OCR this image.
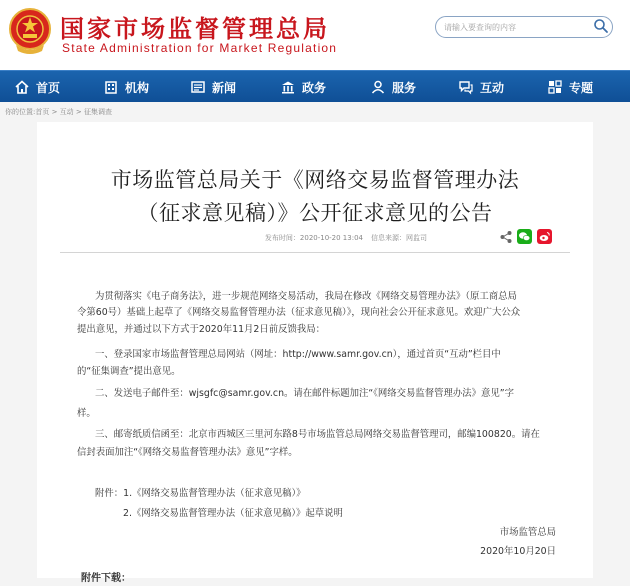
国家市场监督管理总局
State Administration for Market Regulation
请输入要查询的内容
首页	机构	新闻	政务	服务	互动	专题
你的位置:首页 > 互动 > 征集调查
市场监管总局关于《网络交易监督管理办法
（征求意见稿）》公开征求意见的公告
发布时间：2020-10-20 13:04 信息来源：网监司
为贯彻落实《电子商务法》，进一步规范网络交易活动，我局在修改《网络交易管理办法》（原工商总局
令第60号）基础上起草了《网络交易监督管理办法（征求意见稿）》，现向社会公开征求意见。欢迎广大公众
提出意见，并通过以下方式于2020年11月2日前反馈我局：
一、登录国家市场监督管理总局网站（网址：http://www.samr.gov.cn），通过首页“互动”栏目中
的“征集调查”提出意见。
二、发送电子邮件至：wjsgfc@samr.gov.cn。请在邮件标题加注“《网络交易监督管理办法》意见”字
样。
三、邮寄纸质信函至：北京市西城区三里河东路8号市场监管总局网络交易监督管理司，邮编100820。请在
信封表面加注“《网络交易监督管理办法》意见”字样。
附件：1.《网络交易监督管理办法（征求意见稿）》
2.《网络交易监督管理办法（征求意见稿）》起草说明
市场监管总局
2020年10月20日
附件下载：
